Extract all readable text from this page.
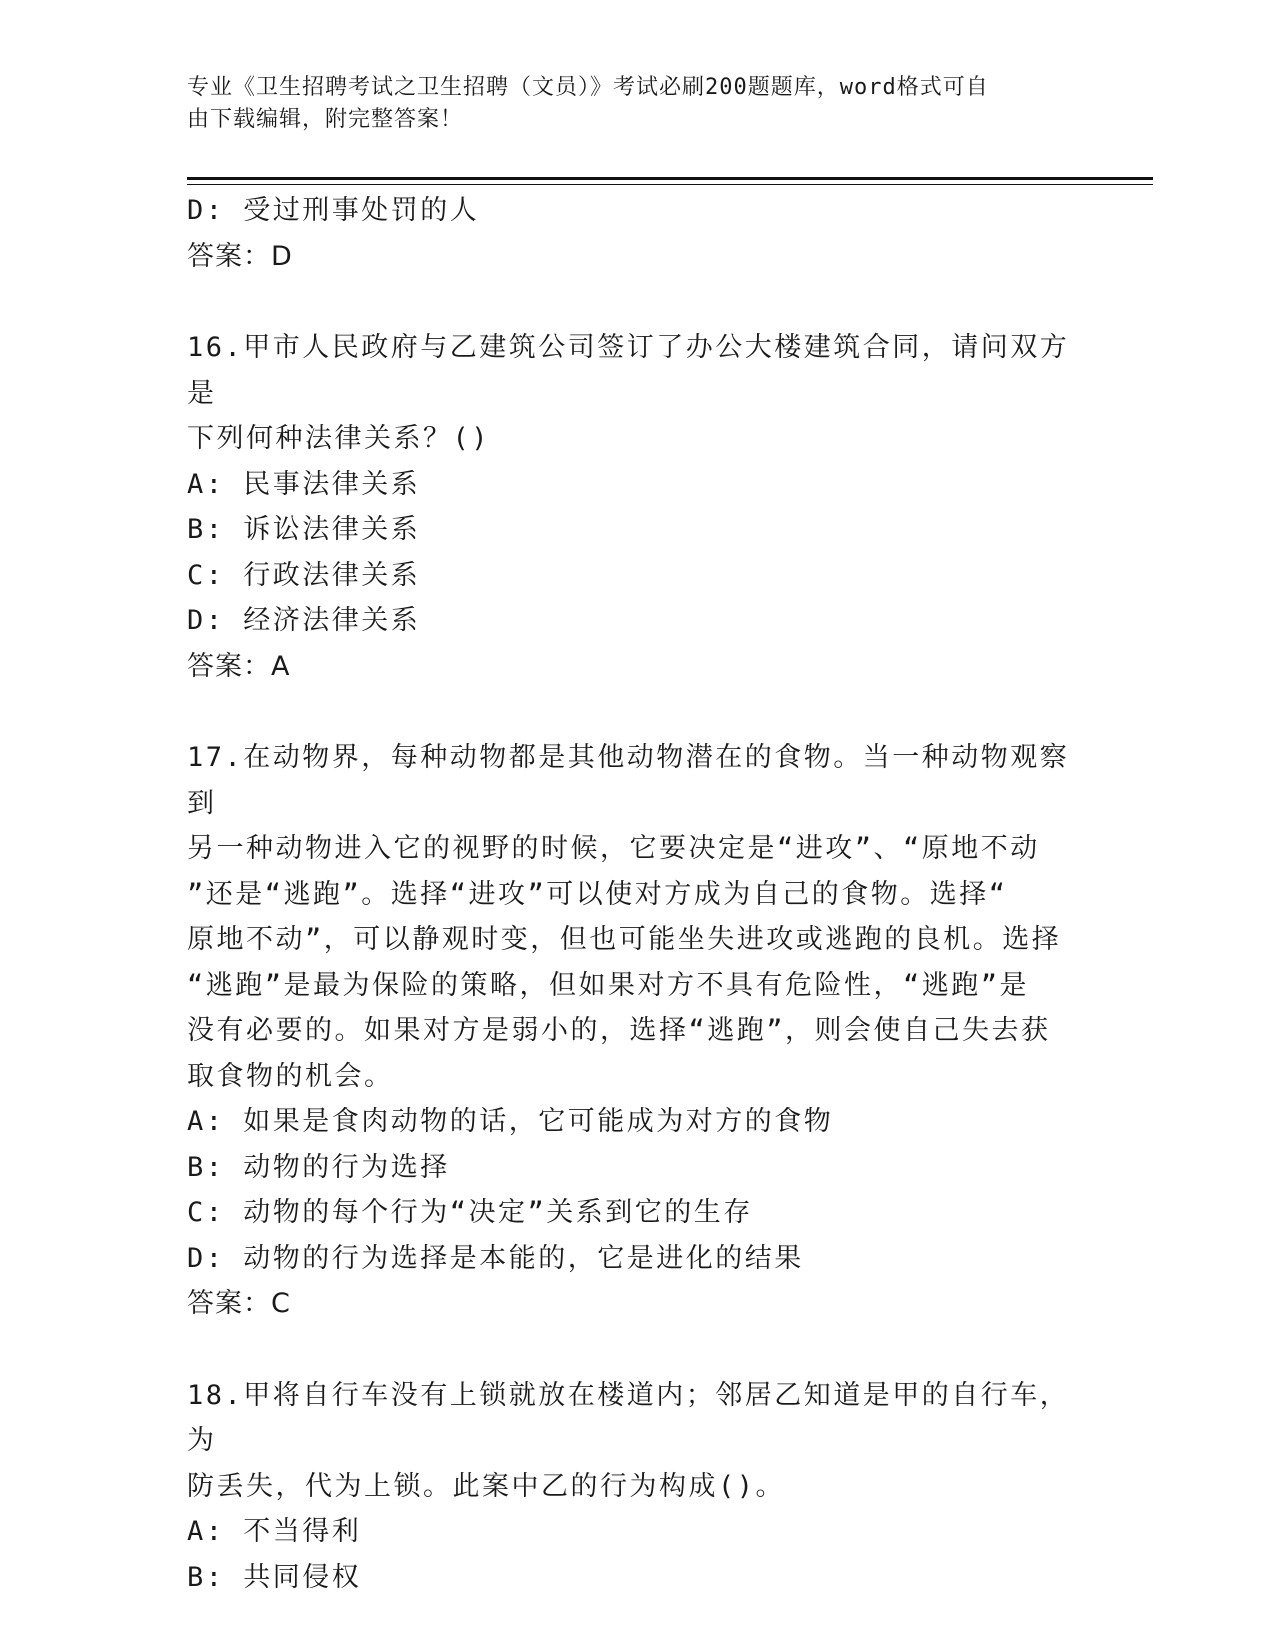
专业《卫生招聘考试之卫生招聘（文员）》考试必刷200题题库，word格式可自
由下载编辑，附完整答案！

D: 受过刑事处罚的人

答案：D

16.甲市人民政府与乙建筑公司签订了办公大楼建筑合同，请问双方是

下列何种法律关系？()

A: 民事法律关系

B: 诉讼法律关系

C: 行政法律关系

D: 经济法律关系

答案：A

17.在动物界，每种动物都是其他动物潜在的食物。当一种动物观察到

另一种动物进入它的视野的时候，它要决定是“进攻”、“原地不动

”还是“逃跑”。选择“进攻”可以使对方成为自己的食物。选择“

原地不动”，可以静观时变，但也可能坐失进攻或逃跑的良机。选择

“逃跑”是最为保险的策略，但如果对方不具有危险性，“逃跑”是

没有必要的。如果对方是弱小的，选择“逃跑”，则会使自己失去获

取食物的机会。

A: 如果是食肉动物的话，它可能成为对方的食物

B: 动物的行为选择

C: 动物的每个行为“决定”关系到它的生存

D: 动物的行为选择是本能的，它是进化的结果

答案：C

18.甲将自行车没有上锁就放在楼道内；邻居乙知道是甲的自行车，为

防丢失，代为上锁。此案中乙的行为构成()。

A: 不当得利

B: 共同侵权
